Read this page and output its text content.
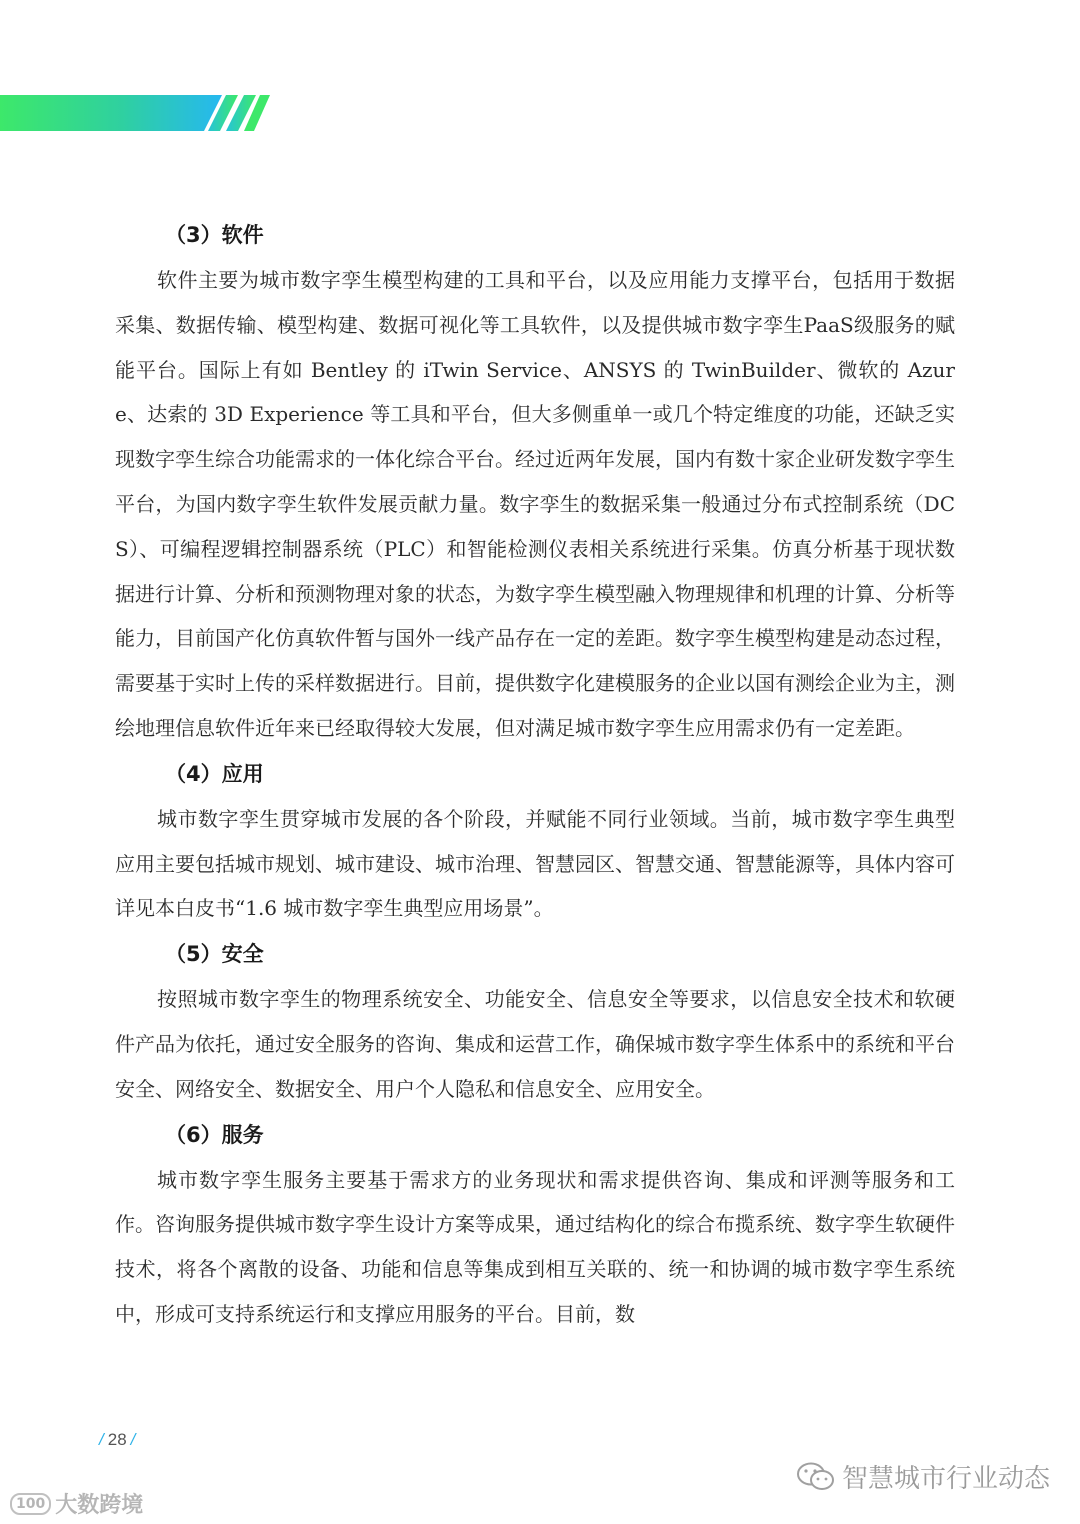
（3）软件

软件主要为城市数字孪生模型构建的工具和平台，以及应用能力支撑平台，包括用于数据采集、数据传输、模型构建、数据可视化等工具软件，以及提供城市数字孪生PaaS级服务的赋能平台。国际上有如 Bentley 的 iTwin Service、ANSYS 的 TwinBuilder、微软的 Azure、达索的 3D Experience 等工具和平台，但大多侧重单一或几个特定维度的功能，还缺乏实现数字孪生综合功能需求的一体化综合平台。经过近两年发展，国内有数十家企业研发数字孪生平台，为国内数字孪生软件发展贡献力量。数字孪生的数据采集一般通过分布式控制系统（DCS）、可编程逻辑控制器系统（PLC）和智能检测仪表相关系统进行采集。仿真分析基于现状数据进行计算、分析和预测物理对象的状态，为数字孪生模型融入物理规律和机理的计算、分析等能力，目前国产化仿真软件暂与国外一线产品存在一定的差距。数字孪生模型构建是动态过程，需要基于实时上传的采样数据进行。目前，提供数字化建模服务的企业以国有测绘企业为主，测绘地理信息软件近年来已经取得较大发展，但对满足城市数字孪生应用需求仍有一定差距。

（4）应用

城市数字孪生贯穿城市发展的各个阶段，并赋能不同行业领域。当前，城市数字孪生典型应用主要包括城市规划、城市建设、城市治理、智慧园区、智慧交通、智慧能源等，具体内容可详见本白皮书“1.6 城市数字孪生典型应用场景”。

（5）安全

按照城市数字孪生的物理系统安全、功能安全、信息安全等要求，以信息安全技术和软硬件产品为依托，通过安全服务的咨询、集成和运营工作，确保城市数字孪生体系中的系统和平台安全、网络安全、数据安全、用户个人隐私和信息安全、应用安全。

（6）服务

城市数字孪生服务主要基于需求方的业务现状和需求提供咨询、集成和评测等服务和工作。咨询服务提供城市数字孪生设计方案等成果，通过结构化的综合布揽系统、数字孪生软硬件技术，将各个离散的设备、功能和信息等集成到相互关联的、统一和协调的城市数字孪生系统中，形成可支持系统运行和支撑应用服务的平台。目前，数

/ 28 /
智慧城市行业动态
100 大数跨境
